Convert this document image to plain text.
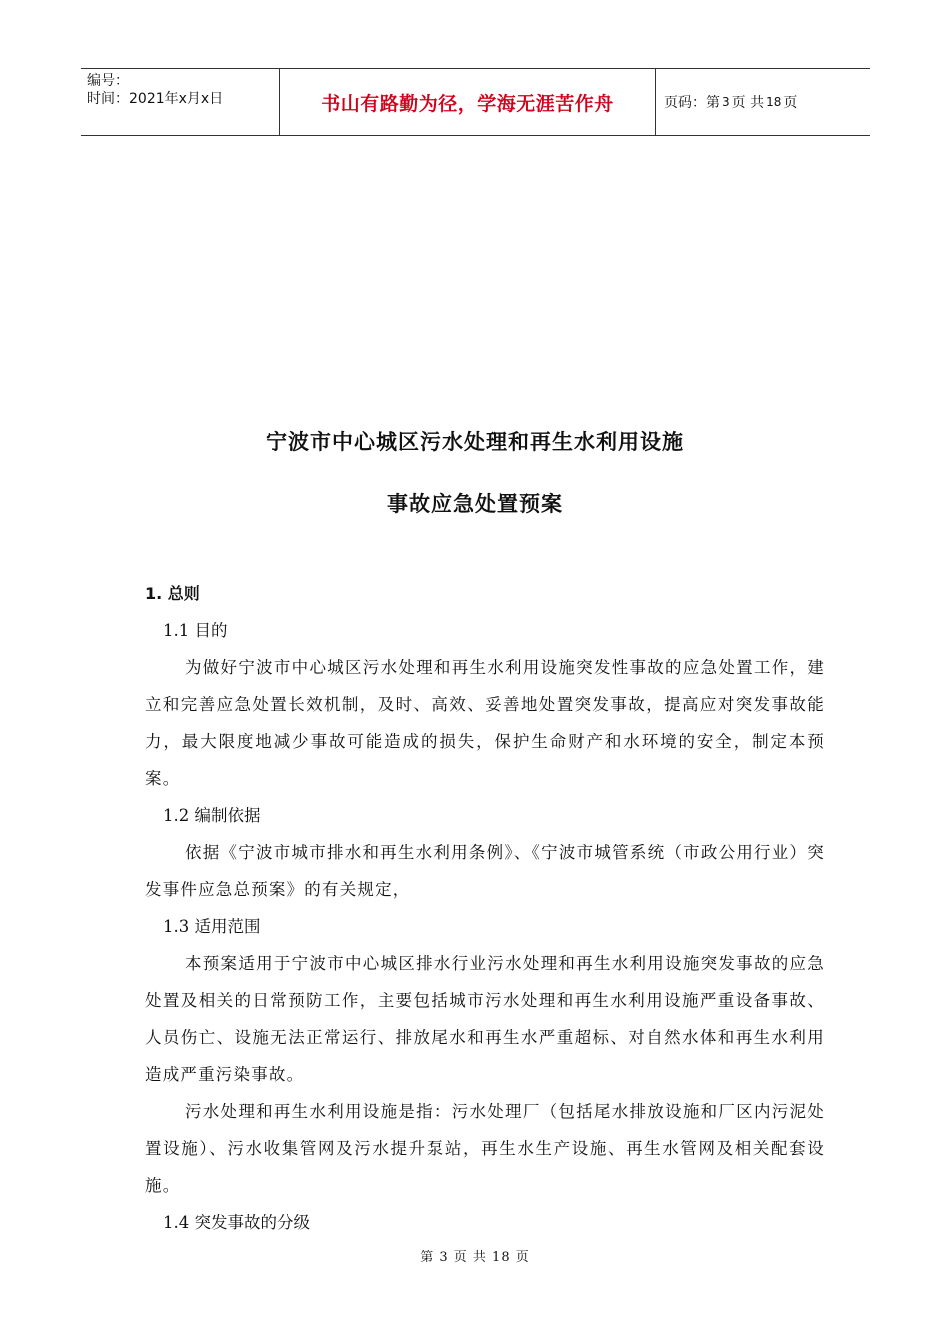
编号：
时间：2021年x月x日	书山有路勤为径，学海无涯苦作舟	页码：第 3 页 共 18 页
宁波市中心城区污水处理和再生水利用设施
事故应急处置预案

1. 总则

1.1 目的

为做好宁波市中心城区污水处理和再生水利用设施突发性事故的应急处置工作，建立和完善应急处置长效机制，及时、高效、妥善地处置突发事故，提高应对突发事故能力，最大限度地减少事故可能造成的损失，保护生命财产和水环境的安全，制定本预案。

1.2 编制依据

依据《宁波市城市排水和再生水利用条例》、《宁波市城管系统（市政公用行业）突发事件应急总预案》的有关规定，

1.3 适用范围

本预案适用于宁波市中心城区排水行业污水处理和再生水利用设施突发事故的应急处置及相关的日常预防工作，主要包括城市污水处理和再生水利用设施严重设备事故、人员伤亡、设施无法正常运行、排放尾水和再生水严重超标、对自然水体和再生水利用造成严重污染事故。

污水处理和再生水利用设施是指：污水处理厂（包括尾水排放设施和厂区内污泥处置设施）、污水收集管网及污水提升泵站，再生水生产设施、再生水管网及相关配套设施。

1.4 突发事故的分级

第 3 页 共 18 页
